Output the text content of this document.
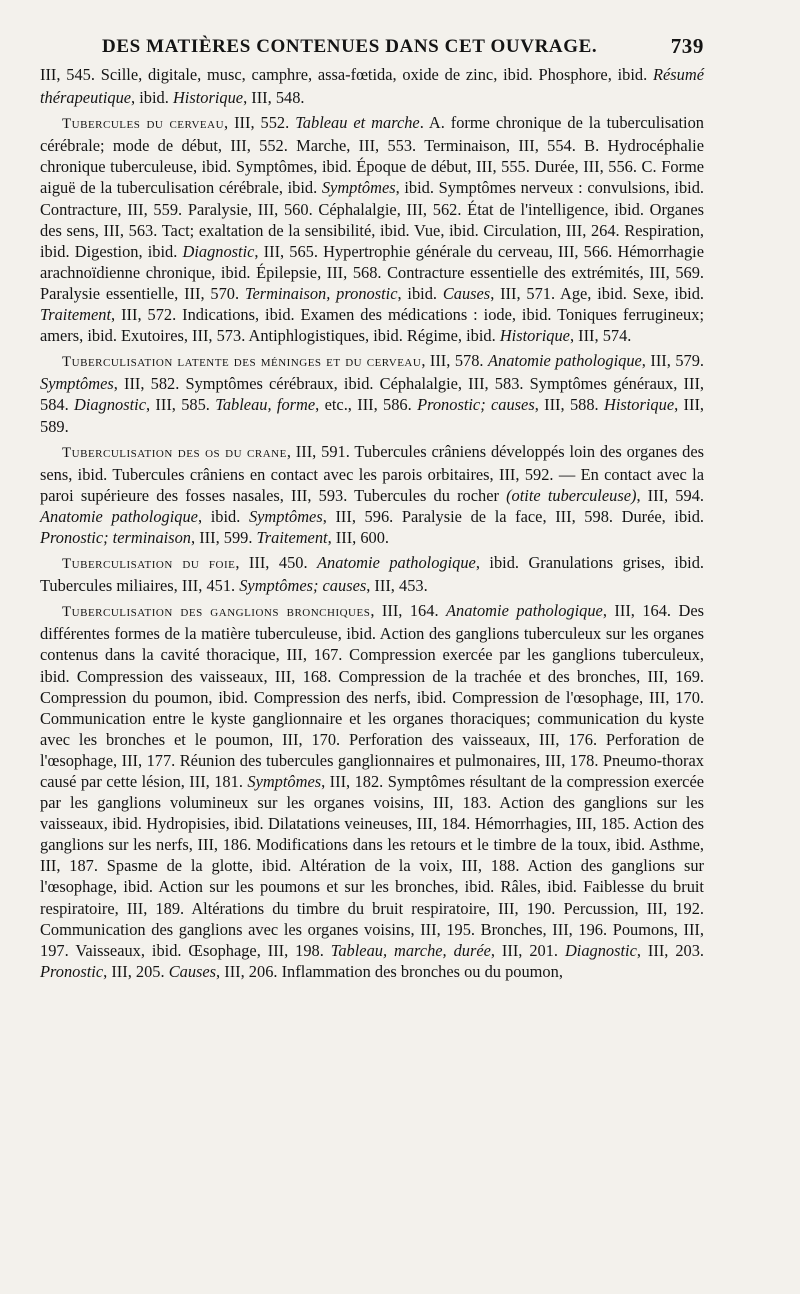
DES MATIÈRES CONTENUES DANS CET OUVRAGE.	739

III, 545. Scille, digitale, musc, camphre, assa-fœtida, oxide de zinc, ibid. Phosphore, ibid. Résumé thérapeutique, ibid. Historique, III, 548.

Tubercules du cerveau, III, 552. Tableau et marche. A. forme chronique de la tuberculisation cérébrale; mode de début, III, 552. Marche, III, 553. Terminaison, III, 554. B. Hydrocéphalie chronique tuberculeuse, ibid. Symptômes, ibid. Époque de début, III, 555. Durée, III, 556. C. Forme aiguë de la tuberculisation cérébrale, ibid. Symptômes, ibid. Symptômes nerveux : convulsions, ibid. Contracture, III, 559. Paralysie, III, 560. Céphalalgie, III, 562. État de l'intelligence, ibid. Organes des sens, III, 563. Tact; exaltation de la sensibilité, ibid. Vue, ibid. Circulation, III, 264. Respiration, ibid. Digestion, ibid. Diagnostic, III, 565. Hypertrophie générale du cerveau, III, 566. Hémorrhagie arachnoïdienne chronique, ibid. Épilepsie, III, 568. Contracture essentielle des extrémités, III, 569. Paralysie essentielle, III, 570. Terminaison, pronostic, ibid. Causes, III, 571. Age, ibid. Sexe, ibid. Traitement, III, 572. Indications, ibid. Examen des médications : iode, ibid. Toniques ferrugineux; amers, ibid. Exutoires, III, 573. Antiphlogistiques, ibid. Régime, ibid. Historique, III, 574.

Tuberculisation latente des méninges et du cerveau, III, 578. Anatomie pathologique, III, 579. Symptômes, III, 582. Symptômes cérébraux, ibid. Céphalalgie, III, 583. Symptômes généraux, III, 584. Diagnostic, III, 585. Tableau, forme, etc., III, 586. Pronostic; causes, III, 588. Historique, III, 589.

Tuberculisation des os du crane, III, 591. Tubercules crâniens développés loin des organes des sens, ibid. Tubercules crâniens en contact avec les parois orbitaires, III, 592. — En contact avec la paroi supérieure des fosses nasales, III, 593. Tubercules du rocher (otite tuberculeuse), III, 594. Anatomie pathologique, ibid. Symptômes, III, 596. Paralysie de la face, III, 598. Durée, ibid. Pronostic; terminaison, III, 599. Traitement, III, 600.

Tuberculisation du foie, III, 450. Anatomie pathologique, ibid. Granulations grises, ibid. Tubercules miliaires, III, 451. Symptômes; causes, III, 453.

Tuberculisation des ganglions bronchiques, III, 164. Anatomie pathologique, III, 164. Des différentes formes de la matière tuberculeuse, ibid. Action des ganglions tuberculeux sur les organes contenus dans la cavité thoracique, III, 167. Compression exercée par les ganglions tuberculeux, ibid. Compression des vaisseaux, III, 168. Compression de la trachée et des bronches, III, 169. Compression du poumon, ibid. Compression des nerfs, ibid. Compression de l'œsophage, III, 170. Communication entre le kyste ganglionnaire et les organes thoraciques; communication du kyste avec les bronches et le poumon, III, 170. Perforation des vaisseaux, III, 176. Perforation de l'œsophage, III, 177. Réunion des tubercules ganglionnaires et pulmonaires, III, 178. Pneumo-thorax causé par cette lésion, III, 181. Symptômes, III, 182. Symptômes résultant de la compression exercée par les ganglions volumineux sur les organes voisins, III, 183. Action des ganglions sur les vaisseaux, ibid. Hydropisies, ibid. Dilatations veineuses, III, 184. Hémorrhagies, III, 185. Action des ganglions sur les nerfs, III, 186. Modifications dans les retours et le timbre de la toux, ibid. Asthme, III, 187. Spasme de la glotte, ibid. Altération de la voix, III, 188. Action des ganglions sur l'œsophage, ibid. Action sur les poumons et sur les bronches, ibid. Râles, ibid. Faiblesse du bruit respiratoire, III, 189. Altérations du timbre du bruit respiratoire, III, 190. Percussion, III, 192. Communication des ganglions avec les organes voisins, III, 195. Bronches, III, 196. Poumons, III, 197. Vaisseaux, ibid. Œsophage, III, 198. Tableau, marche, durée, III, 201. Diagnostic, III, 203. Pronostic, III, 205. Causes, III, 206. Inflammation des bronches ou du poumon,
